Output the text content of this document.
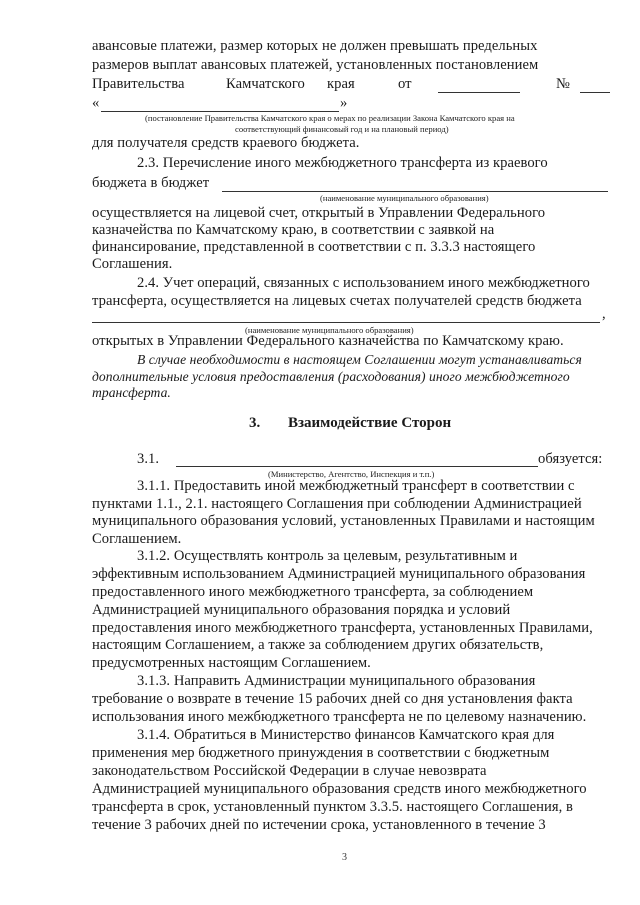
авансовые платежи, размер которых не должен превышать предельных
размеров выплат авансовых платежей, установленных постановлением
Правительства	Камчатского края	от	№
«	»
(постановление Правительства Камчатского края о мерах по реализации Закона Камчатского края на
соответствующий финансовый год и на плановый период)
для получателя средств краевого бюджета.
2.3. Перечисление иного межбюджетного трансферта из краевого
бюджета в бюджет
(наименование муниципального образования)
осуществляется на лицевой счет, открытый в Управлении Федерального
казначейства по Камчатскому краю, в соответствии с заявкой на
финансирование, представленной в соответствии с п. 3.3.3 настоящего
Соглашения.
2.4. Учет операций, связанных с использованием иного межбюджетного
трансферта, осуществляется на лицевых счетах получателей средств бюджета
,
(наименование муниципального образования)
открытых в Управлении Федерального казначейства по Камчатскому краю.
В случае необходимости в настоящем Соглашении могут устанавливаться
дополнительные условия предоставления (расходования) иного межбюджетного
трансферта.
3. Взаимодействие Сторон
3.1.	обязуется:
(Министерство, Агентство, Инспекция и т.п.)
3.1.1. Предоставить иной межбюджетный трансферт в соответствии с
пунктами 1.1., 2.1. настоящего Соглашения при соблюдении Администрацией
муниципального образования условий, установленных Правилами и настоящим
Соглашением.
3.1.2. Осуществлять контроль за целевым, результативным и
эффективным использованием Администрацией муниципального образования
предоставленного иного межбюджетного трансферта, за соблюдением
Администрацией муниципального образования порядка и условий
предоставления иного межбюджетного трансферта, установленных Правилами,
настоящим Соглашением, а также за соблюдением других обязательств,
предусмотренных настоящим Соглашением.
3.1.3. Направить Администрации муниципального образования
требование о возврате в течение 15 рабочих дней со дня установления факта
использования иного межбюджетного трансферта не по целевому назначению.
3.1.4. Обратиться в Министерство финансов Камчатского края для
применения мер бюджетного принуждения в соответствии с бюджетным
законодательством Российской Федерации в случае невозврата
Администрацией муниципального образования средств иного межбюджетного
трансферта в срок, установленный пунктом 3.3.5. настоящего Соглашения, в
течение 3 рабочих дней по истечении срока, установленного в течение 3
3
